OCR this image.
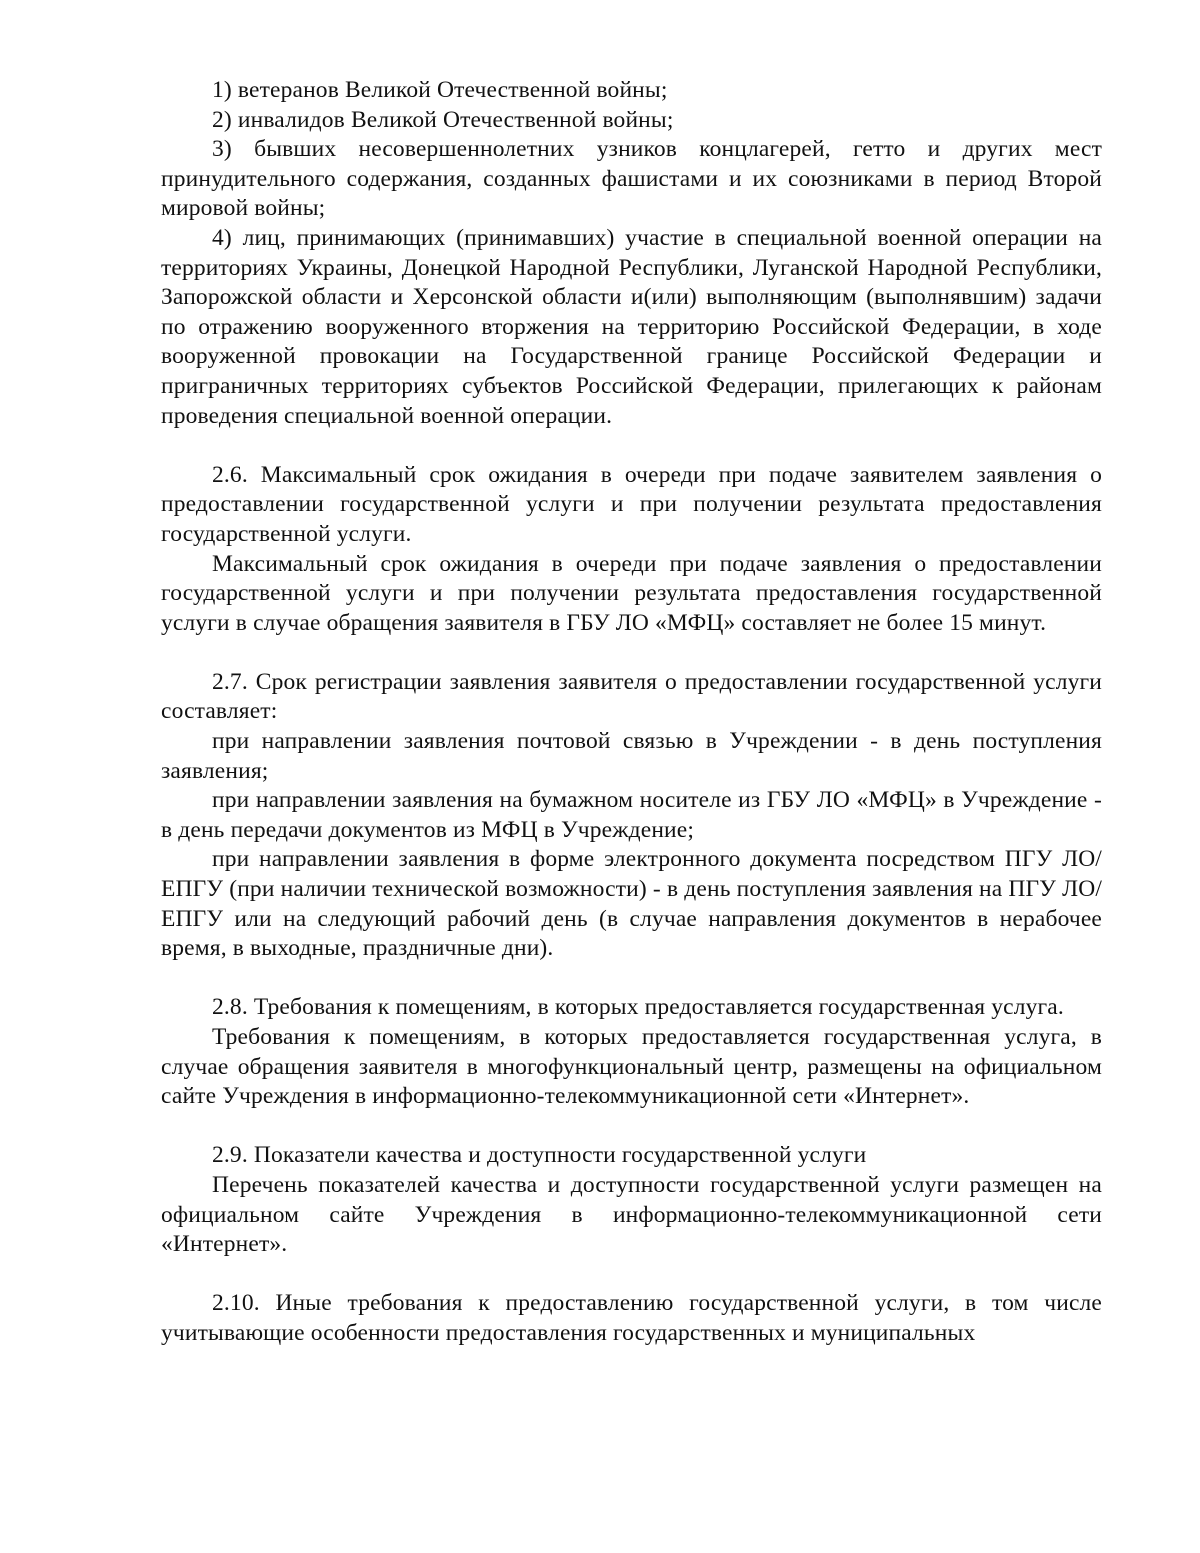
1) ветеранов Великой Отечественной войны;

2) инвалидов Великой Отечественной войны;

3) бывших несовершеннолетних узников концлагерей, гетто и других мест принудительного содержания, созданных фашистами и их союзниками в период Второй мировой войны;

4) лиц, принимающих (принимавших) участие в специальной военной операции на территориях Украины, Донецкой Народной Республики, Луганской Народной Республики, Запорожской области и Херсонской области и(или) выполняющим (выполнявшим) задачи по отражению вооруженного вторжения на территорию Российской Федерации, в ходе вооруженной провокации на Государственной границе Российской Федерации и приграничных территориях субъектов Российской Федерации, прилегающих к районам проведения специальной военной операции.

2.6. Максимальный срок ожидания в очереди при подаче заявителем заявления о предоставлении государственной услуги и при получении результата предоставления государственной услуги.

Максимальный срок ожидания в очереди при подаче заявления о предоставлении государственной услуги и при получении результата предоставления государственной услуги в случае обращения заявителя в ГБУ ЛО «МФЦ» составляет не более 15 минут.

2.7. Срок регистрации заявления заявителя о предоставлении государственной услуги составляет:

при направлении заявления почтовой связью в Учреждении - в день поступления заявления;

при направлении заявления на бумажном носителе из ГБУ ЛО «МФЦ» в Учреждение - в день передачи документов из МФЦ в Учреждение;

при направлении заявления в форме электронного документа посредством ПГУ ЛО/ЕПГУ (при наличии технической возможности) - в день поступления заявления на ПГУ ЛО/ЕПГУ или на следующий рабочий день (в случае направления документов в нерабочее время, в выходные, праздничные дни).

2.8. Требования к помещениям, в которых предоставляется государственная услуга.

Требования к помещениям, в которых предоставляется государственная услуга, в случае обращения заявителя в многофункциональный центр, размещены на официальном сайте Учреждения в информационно-телекоммуникационной сети «Интернет».

2.9. Показатели качества и доступности государственной услуги

Перечень показателей качества и доступности государственной услуги размещен на официальном сайте Учреждения в информационно-телекоммуникационной сети «Интернет».

2.10. Иные требования к предоставлению государственной услуги, в том числе учитывающие особенности предоставления государственных и муниципальных
